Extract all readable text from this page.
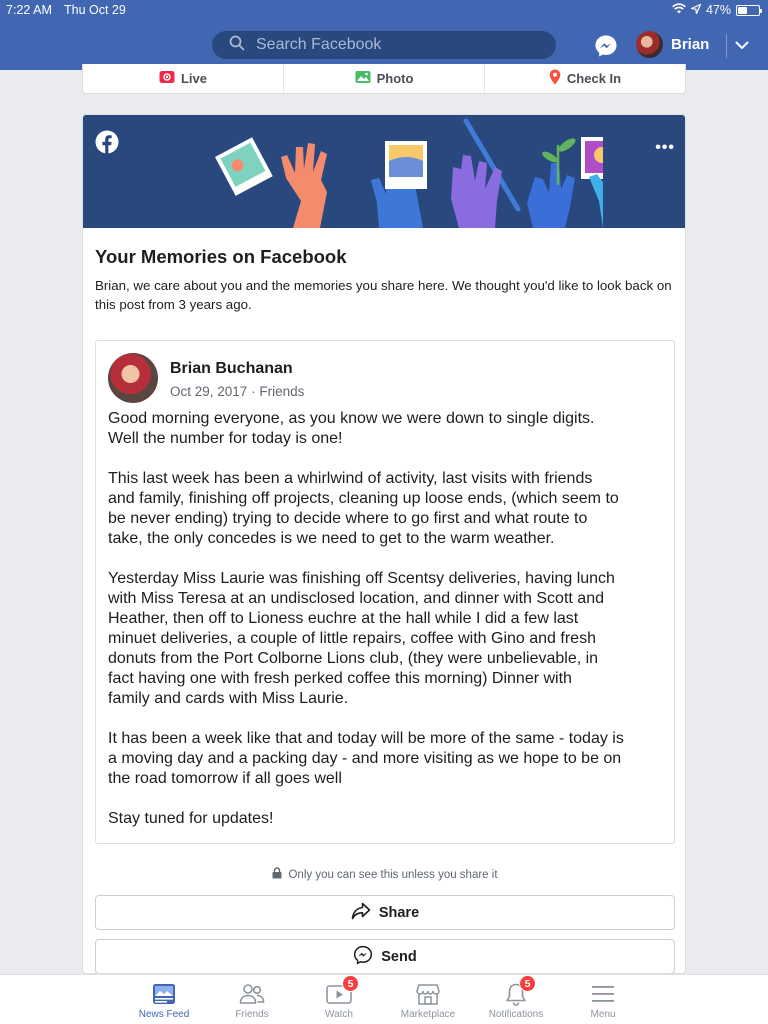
7:22 AM Thu Oct 29	47%
Search Facebook
Brian
Live	Photo	Check In
•••
Your Memories on Facebook
Brian, we care about you and the memories you share here. We thought you'd like to look back on this post from 3 years ago.
Brian Buchanan
Oct 29, 2017 · Friends

Good morning everyone, as you know we were down to single digits.
Well the number for today is one!

This last week has been a whirlwind of activity, last visits with friends
and family, finishing off projects, cleaning up loose ends, (which seem to
be never ending) trying to decide where to go first and what route to
take, the only concedes is we need to get to the warm weather.

Yesterday Miss Laurie was finishing off Scentsy deliveries, having lunch
with Miss Teresa at an undisclosed location, and dinner with Scott and
Heather, then off to Lioness euchre at the hall while I did a few last
minuet deliveries, a couple of little repairs, coffee with Gino and fresh
donuts from the Port Colborne Lions club, (they were unbelievable, in
fact having one with fresh perked coffee this morning) Dinner with
family and cards with Miss Laurie.

It has been a week like that and today will be more of the same - today is
a moving day and a packing day - and more visiting as we hope to be on
the road tomorrow if all goes well

Stay tuned for updates!

Only you can see this unless you share it
Share
Send
News Feed	Friends
5
Watch	Marketplace
5
Notifications	Menu
